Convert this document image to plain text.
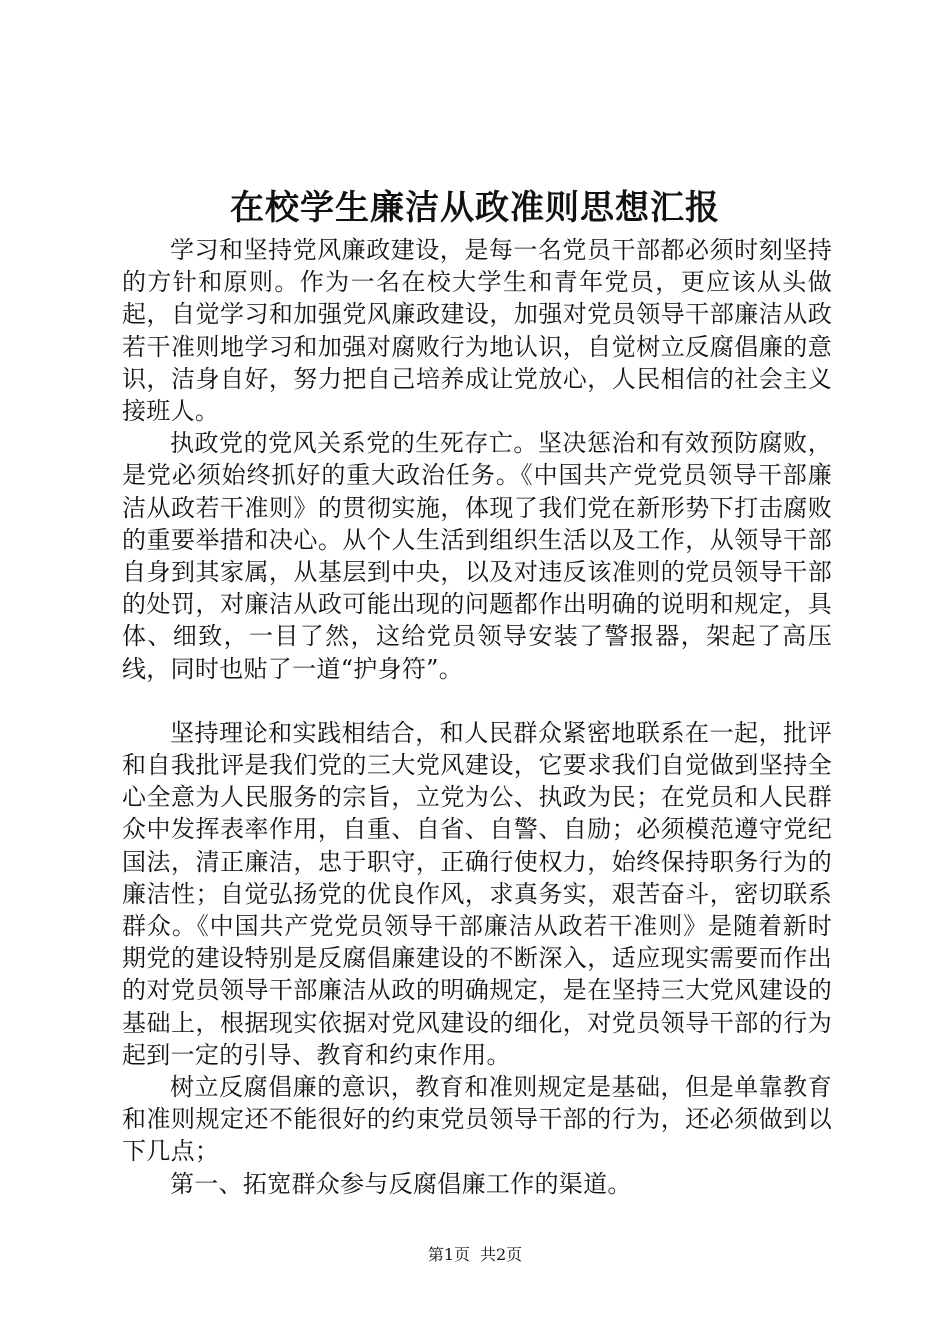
在校学生廉洁从政准则思想汇报

学习和坚持党风廉政建设，是每一名党员干部都必须时刻坚持的方针和原则。作为一名在校大学生和青年党员，更应该从头做起，自觉学习和加强党风廉政建设，加强对党员领导干部廉洁从政若干准则地学习和加强对腐败行为地认识，自觉树立反腐倡廉的意识，洁身自好，努力把自己培养成让党放心，人民相信的社会主义接班人。

执政党的党风关系党的生死存亡。坚决惩治和有效预防腐败，是党必须始终抓好的重大政治任务。《中国共产党党员领导干部廉洁从政若干准则》的贯彻实施，体现了我们党在新形势下打击腐败的重要举措和决心。从个人生活到组织生活以及工作，从领导干部自身到其家属，从基层到中央，以及对违反该准则的党员领导干部的处罚，对廉洁从政可能出现的问题都作出明确的说明和规定，具体、细致，一目了然，这给党员领导安装了警报器，架起了高压线，同时也贴了一道“护身符”。

坚持理论和实践相结合，和人民群众紧密地联系在一起，批评和自我批评是我们党的三大党风建设，它要求我们自觉做到坚持全心全意为人民服务的宗旨，立党为公、执政为民；在党员和人民群众中发挥表率作用，自重、自省、自警、自励；必须模范遵守党纪国法，清正廉洁，忠于职守，正确行使权力，始终保持职务行为的廉洁性；自觉弘扬党的优良作风，求真务实，艰苦奋斗，密切联系群众。《中国共产党党员领导干部廉洁从政若干准则》是随着新时期党的建设特别是反腐倡廉建设的不断深入，适应现实需要而作出的对党员领导干部廉洁从政的明确规定，是在坚持三大党风建设的基础上，根据现实依据对党风建设的细化，对党员领导干部的行为起到一定的引导、教育和约束作用。

树立反腐倡廉的意识，教育和准则规定是基础，但是单靠教育和准则规定还不能很好的约束党员领导干部的行为，还必须做到以下几点；

第一、拓宽群众参与反腐倡廉工作的渠道。

第1页 共2页
